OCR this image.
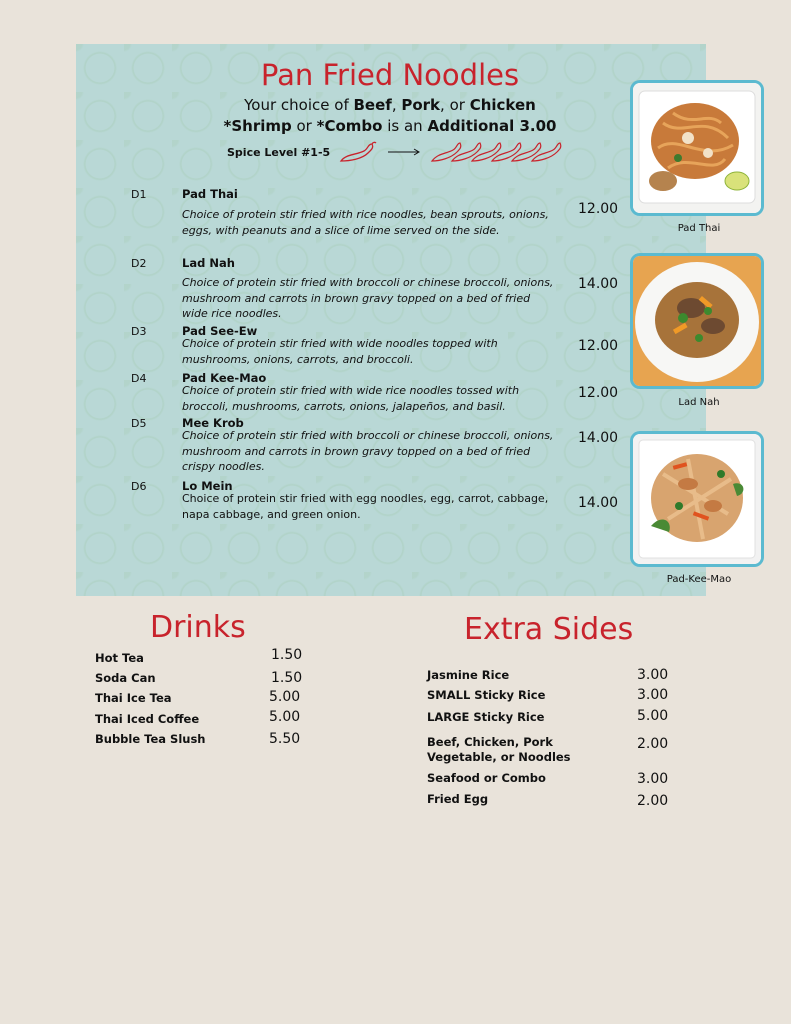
Pan Fried Noodles
Your choice of Beef, Pork, or Chicken
*Shrimp or *Combo is an Additional 3.00
Spice Level #1-5
D1	Pad Thai
Choice of protein stir fried with rice noodles, bean sprouts, onions, eggs, with peanuts and a slice of lime served on the side.
12.00
D2	Lad Nah
Choice of protein stir fried with broccoli or chinese broccoli, onions, mushroom and carrots in brown gravy topped on a bed of fried wide rice noodles.
14.00
D3	Pad See-Ew
Choice of protein stir fried with wide noodles topped with mushrooms, onions, carrots, and broccoli.
12.00
D4	Pad Kee-Mao
Choice of protein stir fried with wide rice noodles tossed with broccoli, mushrooms, carrots, onions, jalapeños, and basil.
12.00
D5	Mee Krob
Choice of protein stir fried with broccoli or chinese broccoli, onions, mushroom and carrots in brown gravy topped on a bed of fried crispy noodles.
14.00
D6	Lo Mein
Choice of protein stir fried with egg noodles, egg, carrot, cabbage, napa cabbage, and green onion.
14.00
Pad Thai
Lad Nah
Pad-Kee-Mao
Drinks
Hot Tea	1.50
Soda Can	1.50
Thai Ice Tea	5.00
Thai Iced Coffee	5.00
Bubble Tea Slush	5.50
Extra Sides
Jasmine Rice	3.00
SMALL Sticky Rice	3.00
LARGE Sticky Rice	5.00
Beef, Chicken, Pork
Vegetable, or Noodles
2.00
Seafood or Combo	3.00
Fried Egg	2.00
